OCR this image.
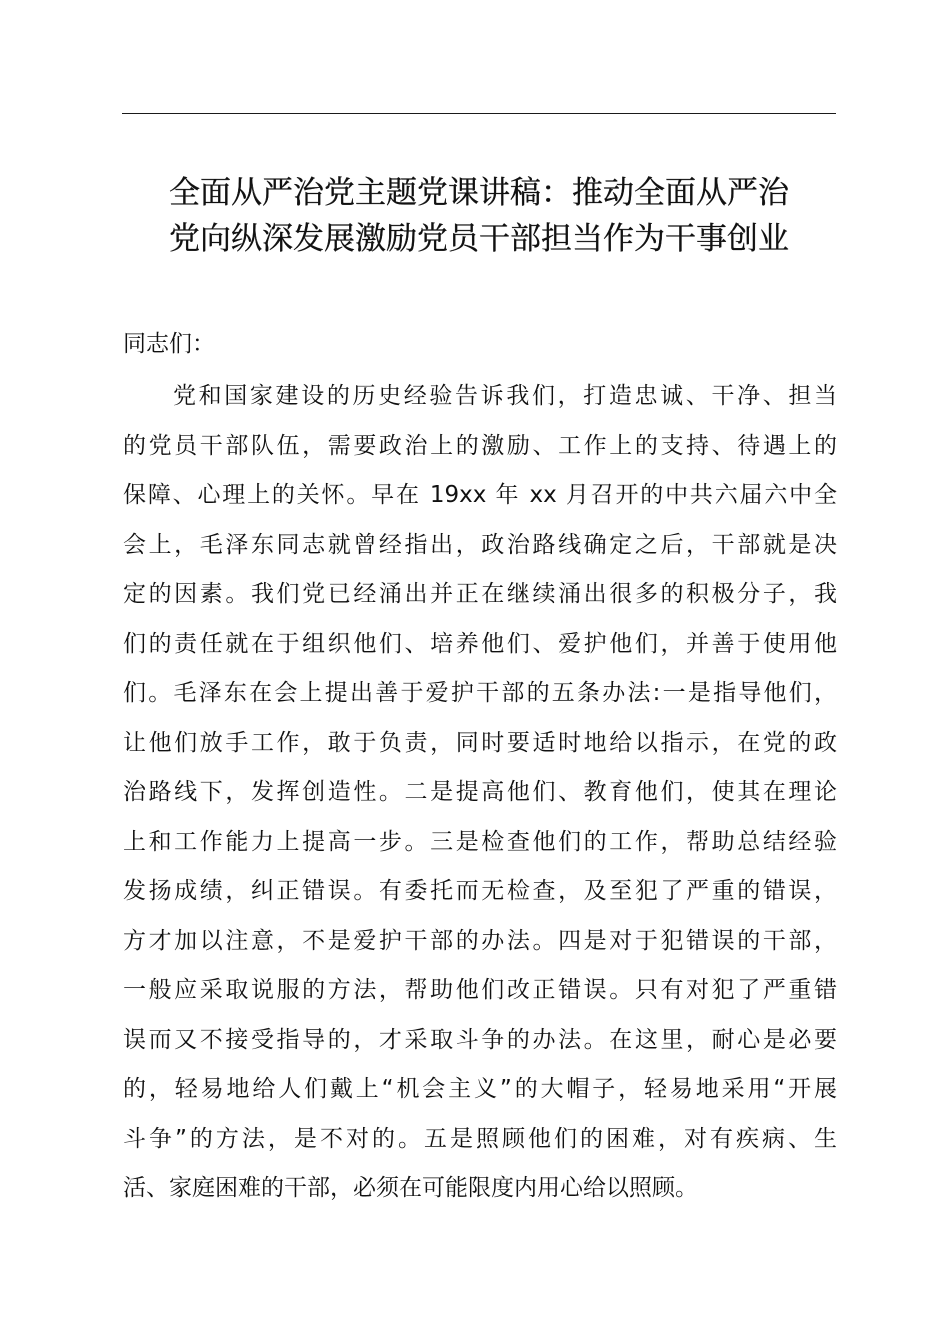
全面从严治党主题党课讲稿：推动全面从严治
党向纵深发展激励党员干部担当作为干事创业

同志们：

党和国家建设的历史经验告诉我们，打造忠诚、干净、担当
的党员干部队伍，需要政治上的激励、工作上的支持、待遇上的
保障、心理上的关怀。早在 19xx 年 xx 月召开的中共六届六中全
会上，毛泽东同志就曾经指出，政治路线确定之后，干部就是决
定的因素。我们党已经涌出并正在继续涌出很多的积极分子，我
们的责任就在于组织他们、培养他们、爱护他们，并善于使用他
们。毛泽东在会上提出善于爱护干部的五条办法:一是指导他们，
让他们放手工作，敢于负责，同时要适时地给以指示，在党的政
治路线下，发挥创造性。二是提高他们、教育他们，使其在理论
上和工作能力上提高一步。三是检查他们的工作，帮助总结经验
发扬成绩，纠正错误。有委托而无检查，及至犯了严重的错误，
方才加以注意，不是爱护干部的办法。四是对于犯错误的干部，
一般应采取说服的方法，帮助他们改正错误。只有对犯了严重错
误而又不接受指导的，才采取斗争的办法。在这里，耐心是必要
的，轻易地给人们戴上“机会主义”的大帽子，轻易地采用“开展
斗争”的方法，是不对的。五是照顾他们的困难，对有疾病、生
活、家庭困难的干部，必须在可能限度内用心给以照顾。
